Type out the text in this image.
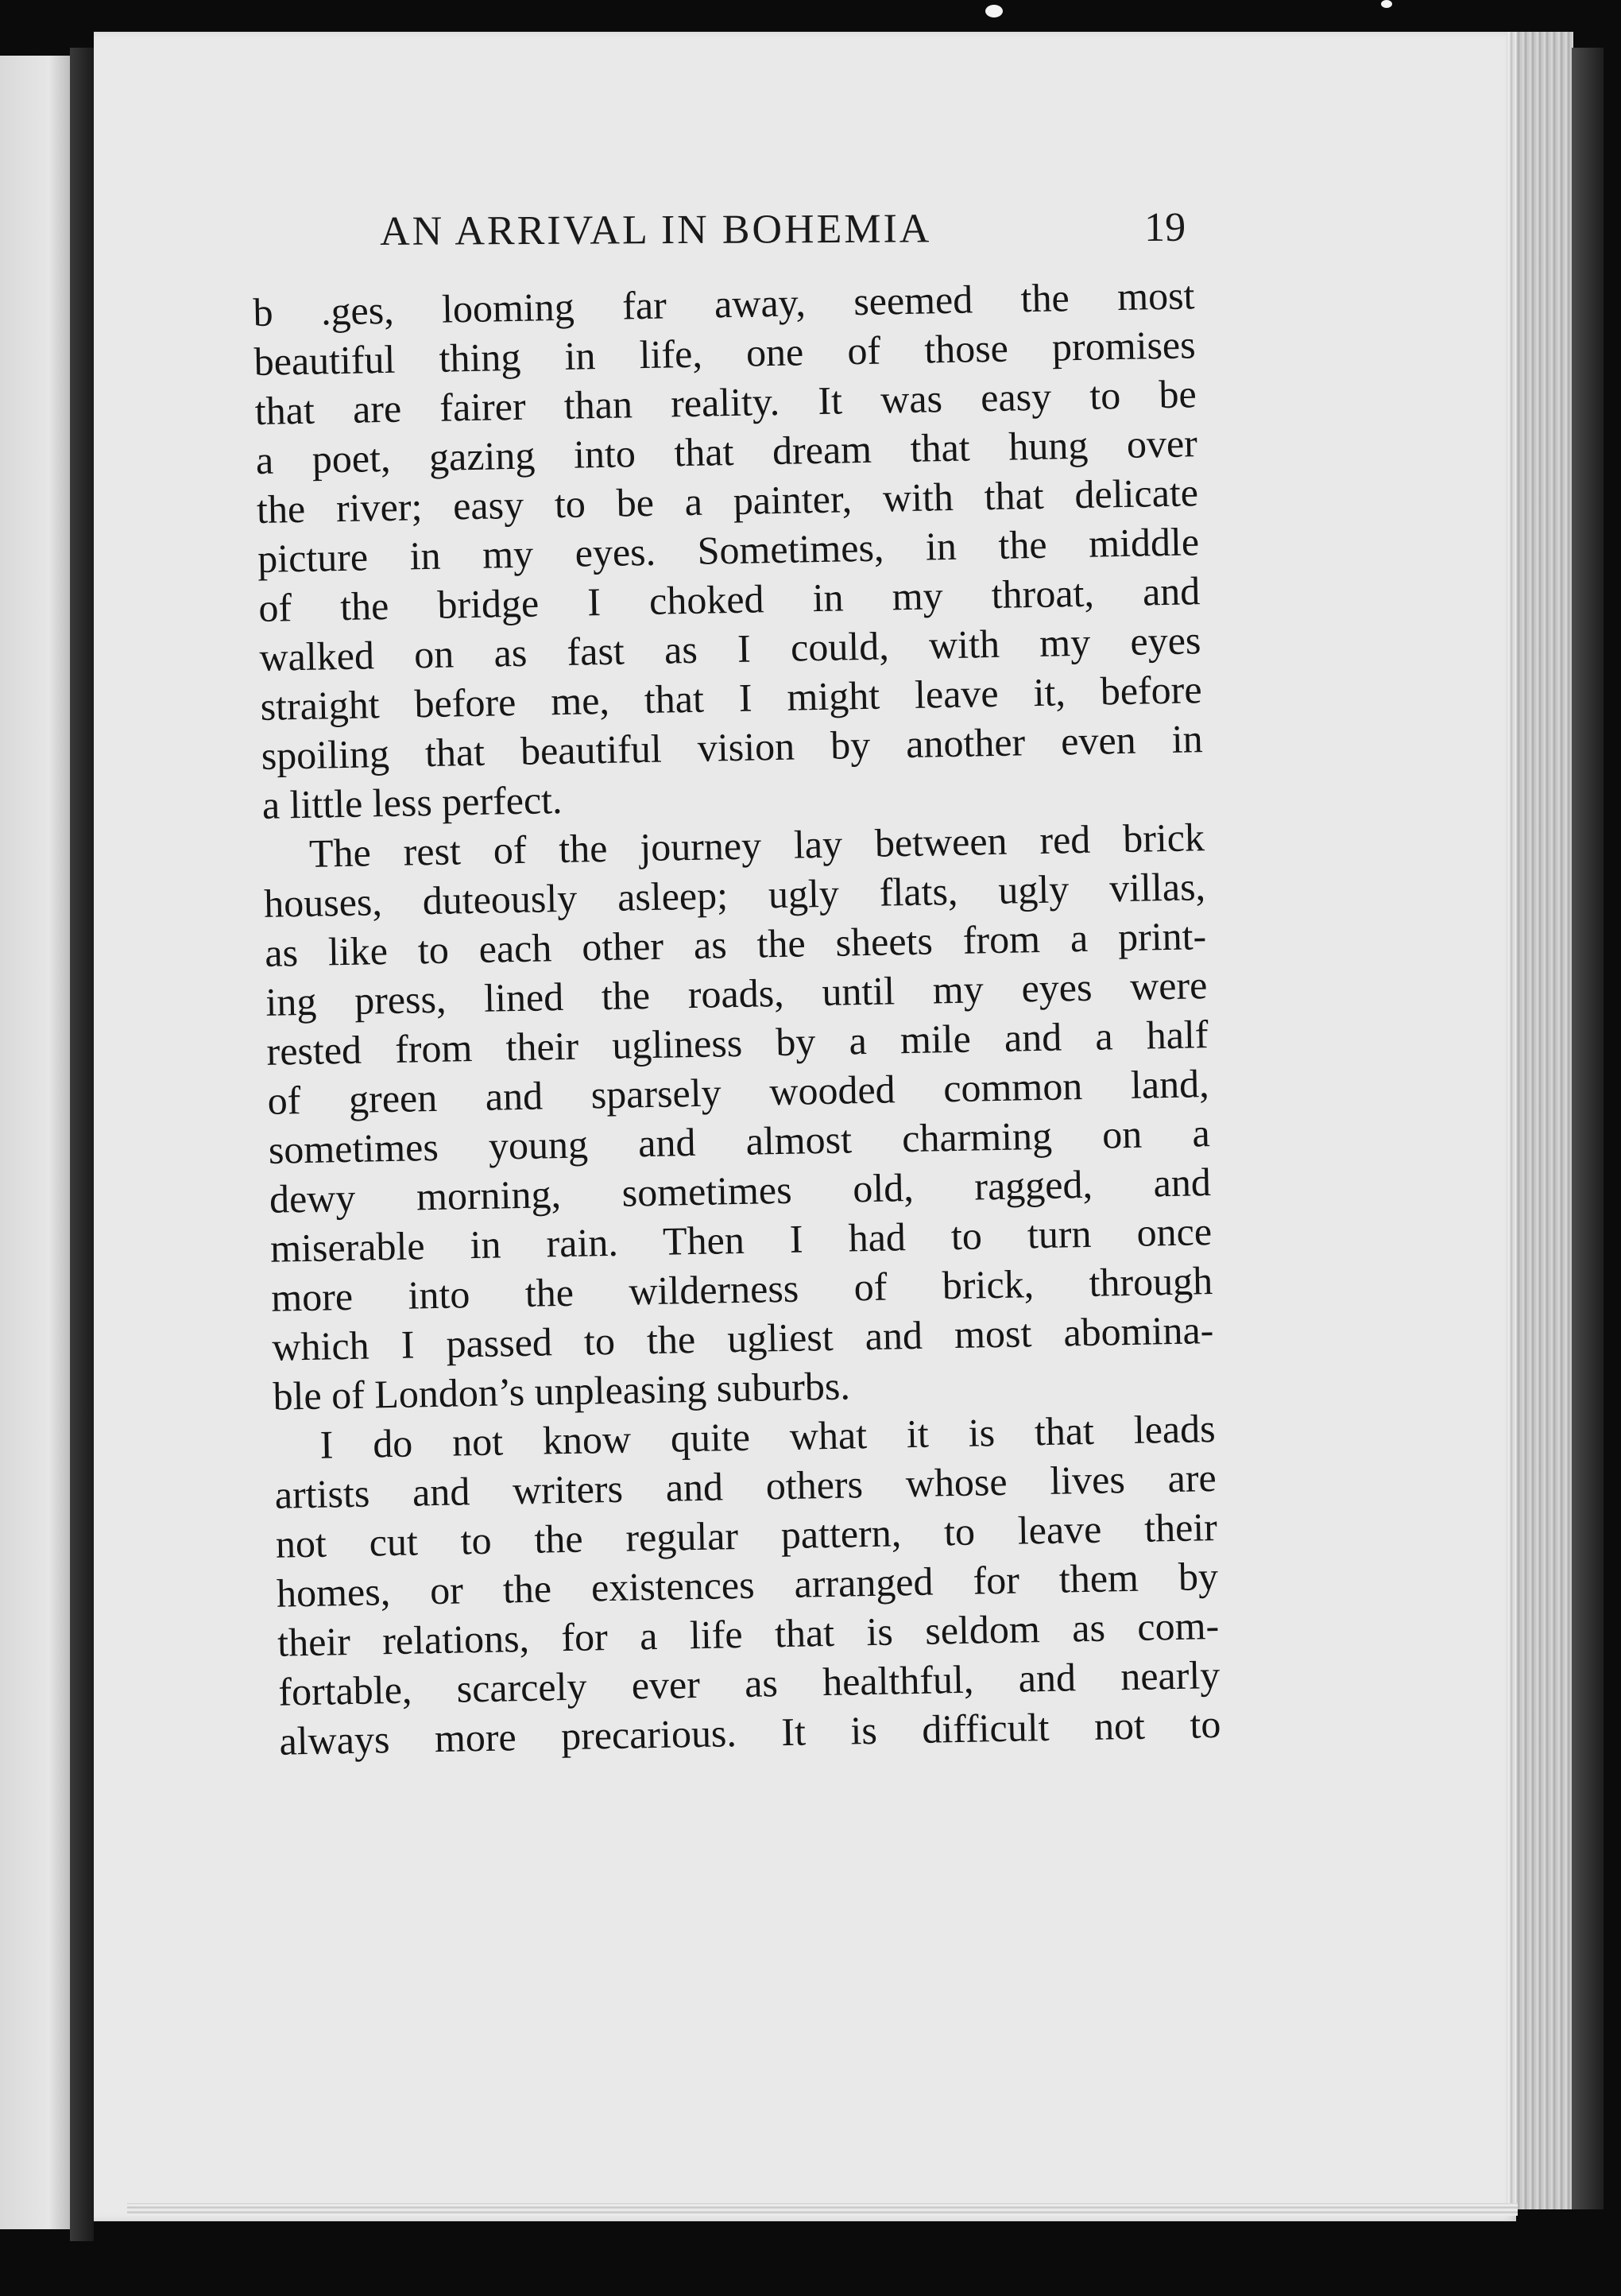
AN ARRIVAL IN BOHEMIA	19
b .ges, looming far away, seemed the most
beautiful thing in life, one of those promises
that are fairer than reality. It was easy to be
a poet, gazing into that dream that hung over
the river; easy to be a painter, with that delicate
picture in my eyes. Sometimes, in the middle
of the bridge I choked in my throat, and
walked on as fast as I could, with my eyes
straight before me, that I might leave it, before
spoiling that beautiful vision by another even in
a little less perfect.
The rest of the journey lay between red brick
houses, duteously asleep; ugly flats, ugly villas,
as like to each other as the sheets from a print-
ing press, lined the roads, until my eyes were
rested from their ugliness by a mile and a half
of green and sparsely wooded common land,
sometimes young and almost charming on a
dewy morning, sometimes old, ragged, and
miserable in rain. Then I had to turn once
more into the wilderness of brick, through
which I passed to the ugliest and most abomina-
ble of London’s unpleasing suburbs.
I do not know quite what it is that leads
artists and writers and others whose lives are
not cut to the regular pattern, to leave their
homes, or the existences arranged for them by
their relations, for a life that is seldom as com-
fortable, scarcely ever as healthful, and nearly
always more precarious. It is difficult not to
